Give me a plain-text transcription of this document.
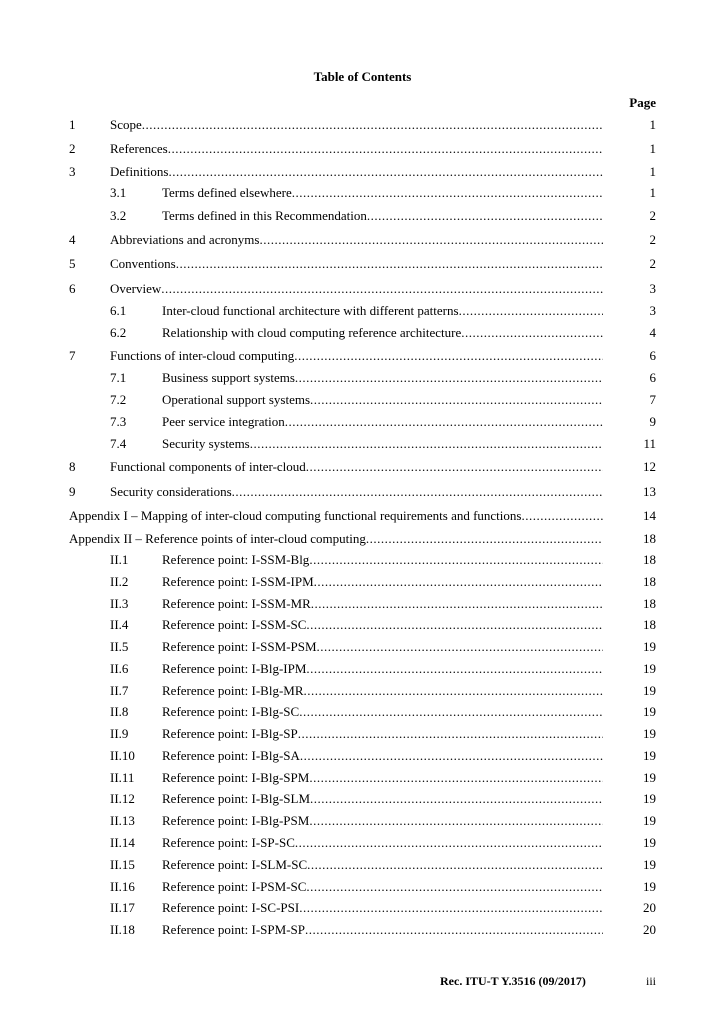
Table of Contents
Page
1	Scope .....	1
2	References .....	1
3	Definitions .....	1
3.1	Terms defined elsewhere .....	1
3.2	Terms defined in this Recommendation .....	2
4	Abbreviations and acronyms .....	2
5	Conventions .....	2
6	Overview .....	3
6.1	Inter-cloud functional architecture with different patterns .....	3
6.2	Relationship with cloud computing reference architecture .....	4
7	Functions of inter-cloud computing .....	6
7.1	Business support systems .....	6
7.2	Operational support systems .....	7
7.3	Peer service integration .....	9
7.4	Security systems .....	11
8	Functional components of inter-cloud .....	12
9	Security considerations .....	13
Appendix I – Mapping of inter-cloud computing functional requirements and functions .....	14
Appendix II – Reference points of inter-cloud computing .....	18
II.1	Reference point: I-SSM-Blg .....	18
II.2	Reference point: I-SSM-IPM .....	18
II.3	Reference point: I-SSM-MR .....	18
II.4	Reference point: I-SSM-SC .....	18
II.5	Reference point: I-SSM-PSM .....	19
II.6	Reference point: I-Blg-IPM .....	19
II.7	Reference point: I-Blg-MR .....	19
II.8	Reference point: I-Blg-SC .....	19
II.9	Reference point: I-Blg-SP .....	19
II.10 Reference point: I-Blg-SA .....	19
II.11 Reference point: I-Blg-SPM .....	19
II.12 Reference point: I-Blg-SLM .....	19
II.13 Reference point: I-Blg-PSM .....	19
II.14 Reference point: I-SP-SC .....	19
II.15 Reference point: I-SLM-SC .....	19
II.16 Reference point: I-PSM-SC .....	19
II.17 Reference point: I-SC-PSI .....	20
II.18 Reference point: I-SPM-SP .....	20
Rec. ITU-T Y.3516 (09/2017)	iii
